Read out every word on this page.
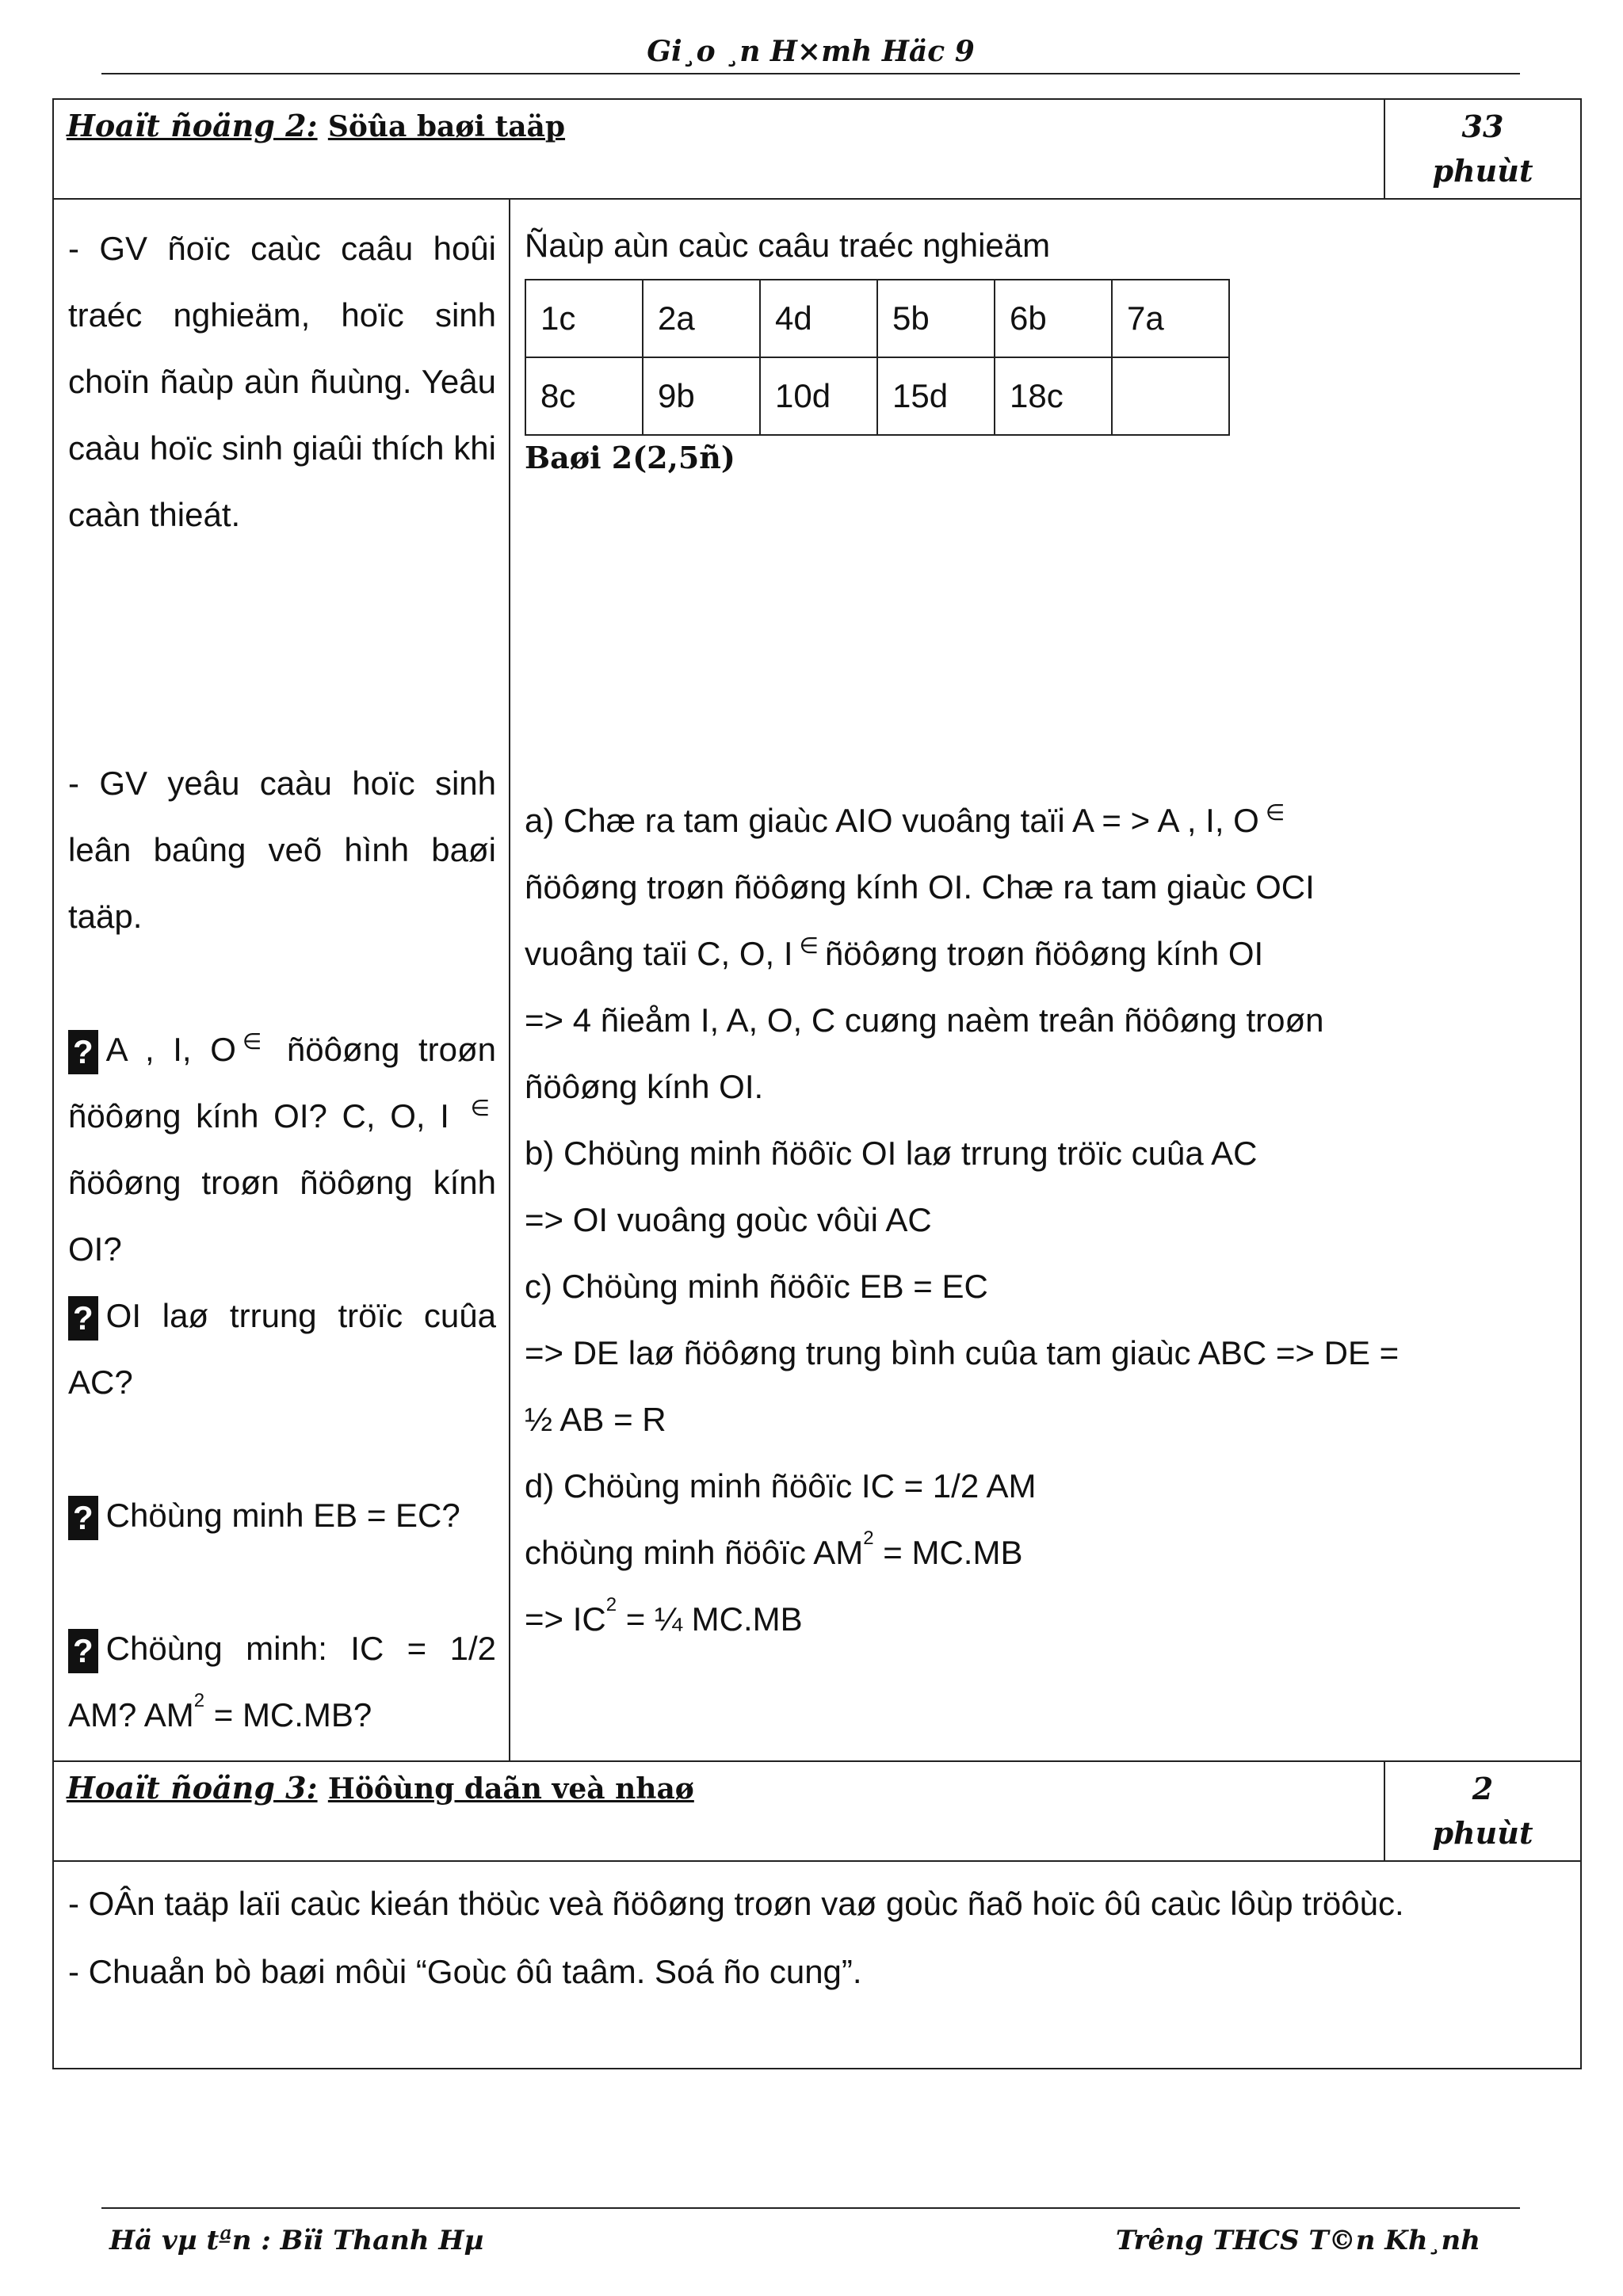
Gi¸o ¸n H×mh Häc 9
Hoaït ñoäng 2: Söûa baøi taäp	33
phuùt

- GV ñoïc caùc caâu hoûi traéc nghieäm, hoïc sinh choïn ñaùp aùn ñuùng. Yeâu caàu hoïc sinh giaûi thích khi caàn thieát.
- GV yeâu caàu hoïc sinh leân baûng veõ hình baøi taäp.
? A , I, O ∈ ñöôøng troøn ñöôøng kính OI? C, O, I ∈ ñöôøng troøn ñöôøng kính OI?
? OI laø trrung tröïc cuûa AC?
? Chöùng minh EB = EC?
? Chöùng minh: IC = 1/2 AM? $AM^2 = MC.MB$?

Ñaùp aùn caùc caâu traéc nghieäm
1c	2a	4d	5b	6b	7a
8c	9b	10d	15d	18c	
Baøi 2(2,5ñ)
a) Chæ ra tam giaùc AIO vuoâng taïi A = > A , I, O ∈
ñöôøng troøn ñöôøng kính OI. Chæ ra tam giaùc OCI
vuoâng taïi C, O, I ∈ ñöôøng troøn ñöôøng kính OI
=> 4 ñieåm I, A, O, C cuøng naèm treân ñöôøng troøn
ñöôøng kính OI.
b) Chöùng minh ñöôïc OI laø trrung tröïc cuûa AC
=> OI vuoâng goùc vôùi AC
c) Chöùng minh ñöôïc EB = EC
=> DE laø ñöôøng trung bình cuûa tam giaùc ABC => DE =
½ AB = R
d) Chöùng minh ñöôïc IC = 1/2 AM
chöùng minh ñöôïc $AM^2 = MC.MB$
=> $IC^2$ = ¼ MC.MB

Hoaït ñoäng 3: Höôùng daãn veà nhaø	2
phuùt

- OÂn taäp laïi caùc kieán thöùc veà ñöôøng troøn vaø goùc ñaõ hoïc ôû caùc lôùp tröôùc.
- Chuaån bò baøi môùi “Goùc ôû taâm. Soá ño cung”.
Hä vµ tªn : Bïi Thanh Hµ	Trêng THCS T©n Kh¸nh
